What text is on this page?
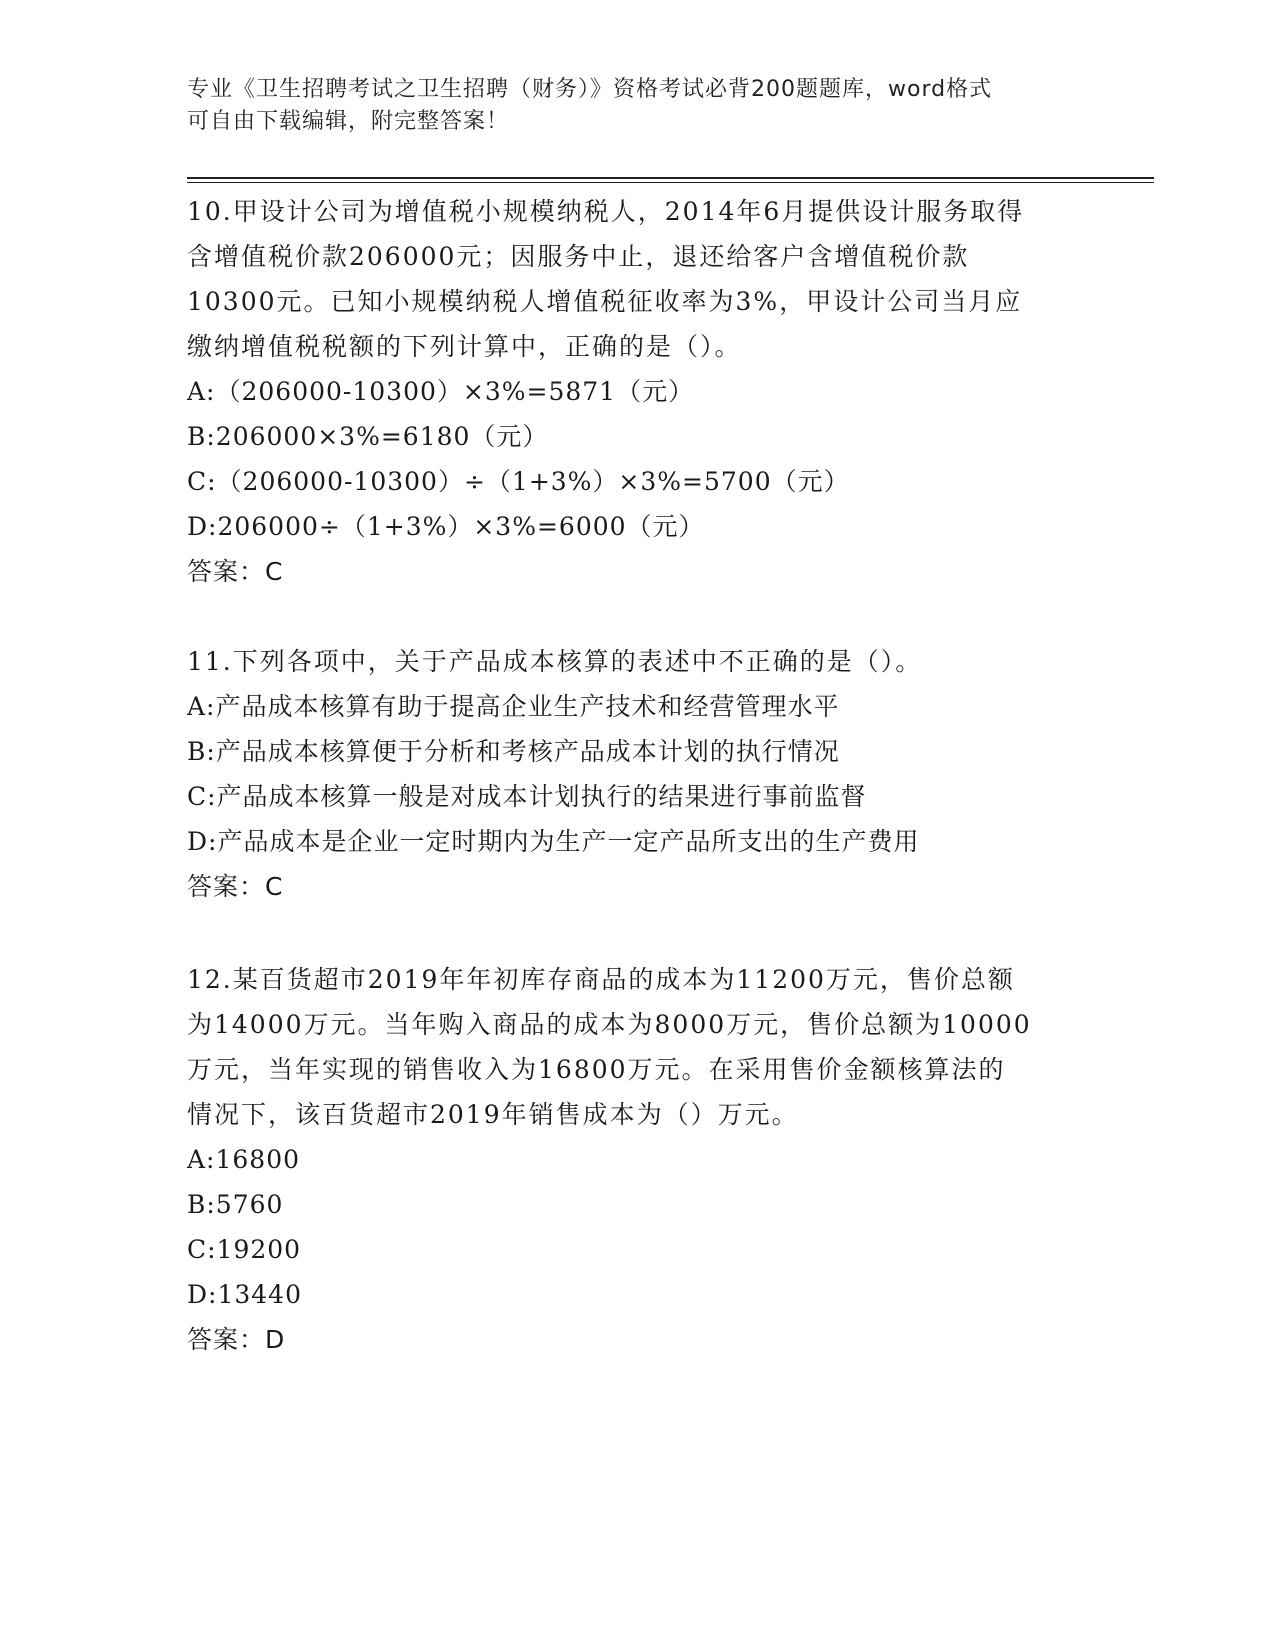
专业《卫生招聘考试之卫生招聘（财务）》资格考试必背200题题库，word格式
可自由下载编辑，附完整答案！
10.甲设计公司为增值税小规模纳税人，2014年6月提供设计服务取得
含增值税价款206000元；因服务中止，退还给客户含增值税价款
10300元。已知小规模纳税人增值税征收率为3%，甲设计公司当月应
缴纳增值税税额的下列计算中，正确的是（）。
A:（206000-10300）×3%=5871（元）
B:206000×3%=6180（元）
C:（206000-10300）÷（1+3%）×3%=5700（元）
D:206000÷（1+3%）×3%=6000（元）
答案：C
11.下列各项中，关于产品成本核算的表述中不正确的是（）。
A:产品成本核算有助于提高企业生产技术和经营管理水平
B:产品成本核算便于分析和考核产品成本计划的执行情况
C:产品成本核算一般是对成本计划执行的结果进行事前监督
D:产品成本是企业一定时期内为生产一定产品所支出的生产费用
答案：C
12.某百货超市2019年年初库存商品的成本为11200万元，售价总额
为14000万元。当年购入商品的成本为8000万元，售价总额为10000
万元，当年实现的销售收入为16800万元。在采用售价金额核算法的
情况下，该百货超市2019年销售成本为（）万元。
A:16800
B:5760
C:19200
D:13440
答案：D
